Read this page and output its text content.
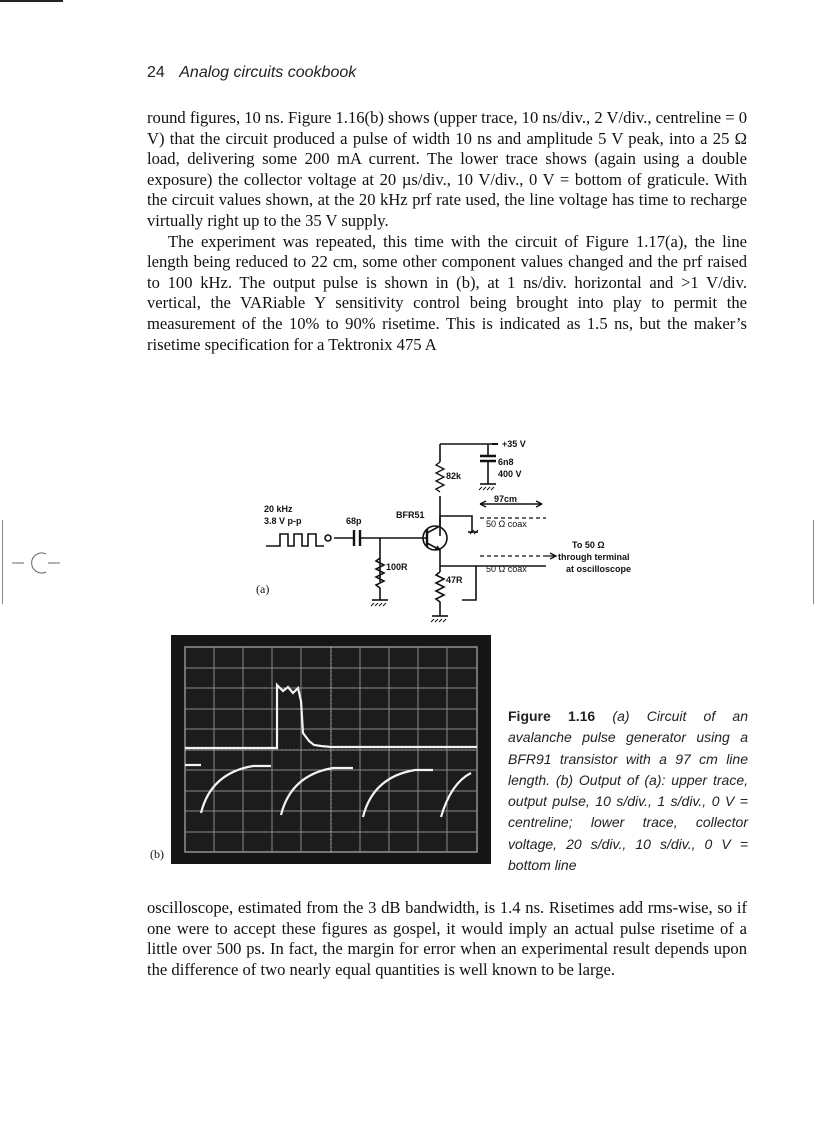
24 Analog circuits cookbook

round figures, 10 ns. Figure 1.16(b) shows (upper trace, 10 ns/div., 2 V/div., centreline = 0 V) that the circuit produced a pulse of width 10 ns and amplitude 5 V peak, into a 25 Ω load, delivering some 200 mA current. The lower trace shows (again using a double exposure) the collector voltage at 20 µs/div., 10 V/div., 0 V = bottom of graticule. With the circuit values shown, at the 20 kHz prf rate used, the line voltage has time to recharge virtually right up to the 35 V supply.

The experiment was repeated, this time with the circuit of Figure 1.17(a), the line length being reduced to 22 cm, some other component values changed and the prf raised to 100 kHz. The output pulse is shown in (b), at 1 ns/div. horizontal and >1 V/div. vertical, the VARiable Y sensitivity control being brought into play to permit the measurement of the 10% to 90% risetime. This is indicated as 1.5 ns, but the maker’s risetime specification for a Tektronix 475 A

+35 V
6n8
400 V
82k
97cm
50 Ω coax
50 Ω coax
20 kHz
3.8 V p-p	68p
BFR51
100R
47R
To 50 Ω
through terminal
at oscilloscope
(a)
(b)
Figure 1.16 (a) Circuit of an avalanche pulse generator using a BFR91 transistor with a 97 cm line length. (b) Output of (a): upper trace, output pulse, 10 s/div., 1 s/div., 0 V = centreline; lower trace, collector voltage, 20 s/div., 10 s/div., 0 V = bottom line

oscilloscope, estimated from the 3 dB bandwidth, is 1.4 ns. Risetimes add rms-wise, so if one were to accept these figures as gospel, it would imply an actual pulse risetime of a little over 500 ps. In fact, the margin for error when an experimental result depends upon the difference of two nearly equal quantities is well known to be large.
